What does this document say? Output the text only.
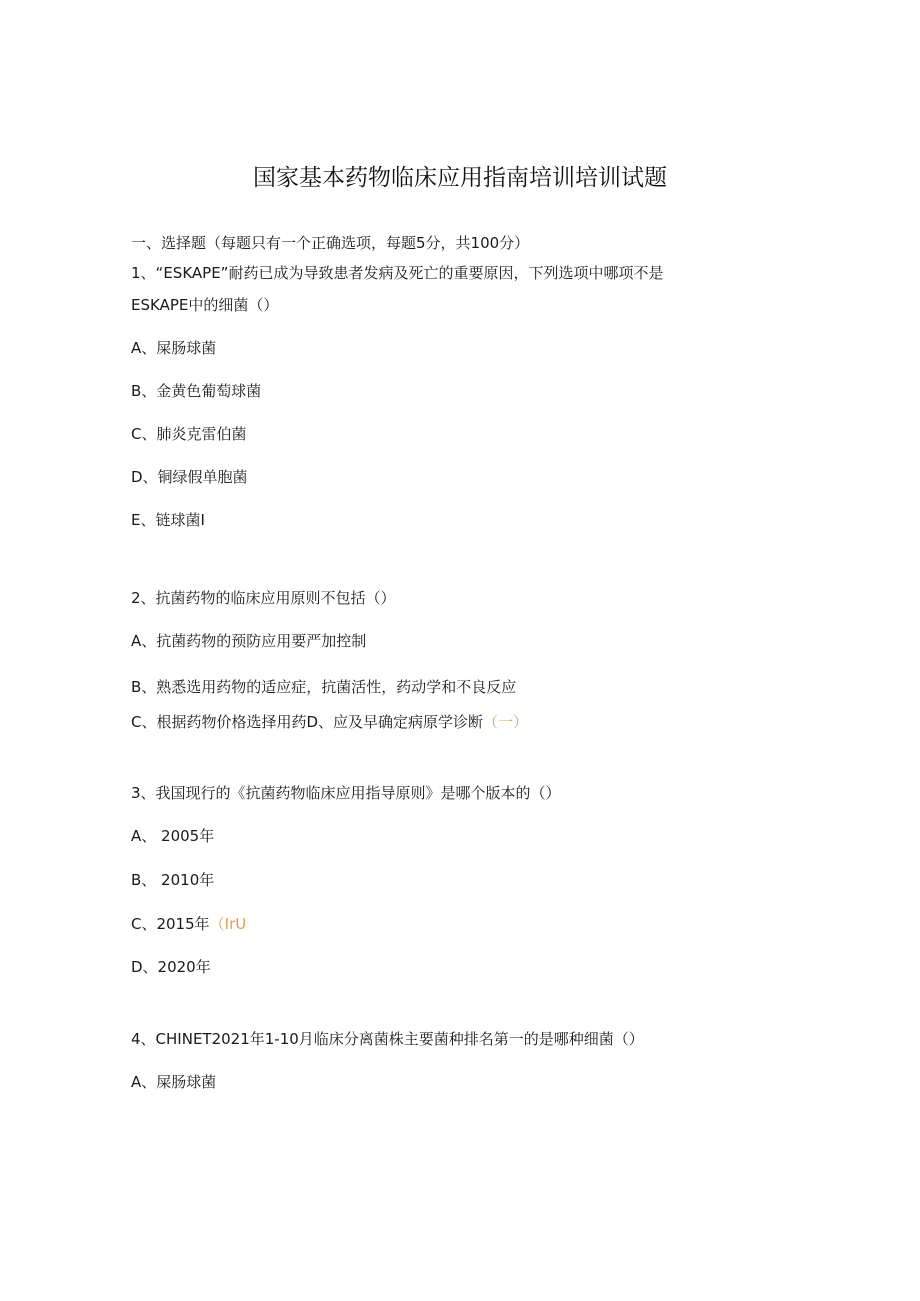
国家基本药物临床应用指南培训培训试题
一、选择题（每题只有一个正确选项，每题5分，共100分）
1、“ESKAPE”耐药已成为导致患者发病及死亡的重要原因，下列选项中哪项不是
ESKAPE中的细菌（）
A、屎肠球菌
B、金黄色葡萄球菌
C、肺炎克雷伯菌
D、铜绿假单胞菌
E、链球菌I
2、抗菌药物的临床应用原则不包括（）
A、抗菌药物的预防应用要严加控制
B、熟悉选用药物的适应症，抗菌活性，药动学和不良反应
C、根据药物价格选择用药D、应及早确定病原学诊断（一）
3、我国现行的《抗菌药物临床应用指导原则》是哪个版本的（）
A、 2005年
B、 2010年
C、2015年（IrU
D、2020年
4、CHINET2021年1-10月临床分离菌株主要菌种排名第一的是哪种细菌（）
A、屎肠球菌
